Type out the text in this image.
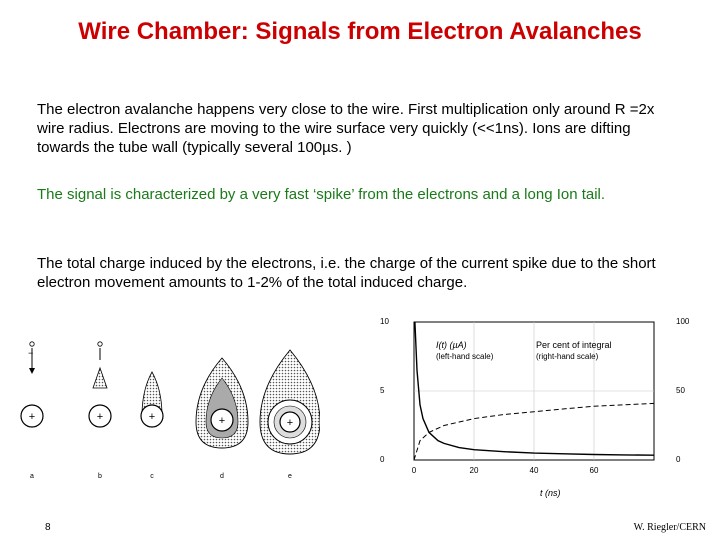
Wire Chamber: Signals from Electron Avalanches
The electron avalanche happens very close to the wire. First multiplication only around R =2x wire radius. Electrons are moving to the wire surface very quickly (<<1ns). Ions are difting towards the tube wall (typically several 100µs. )
The signal is characterized by a very fast ‘spike’ from the electrons and a long Ion tail.
The total charge induced by the electrons, i.e. the charge of the current spike due to the short electron movement amounts to 1-2% of the total induced charge.
−
+
a
+
b
+
c
+
d
+
e
10
5
0
100
50
0
0	20	40	60
t (ns)
I(t) (µA)
(left-hand scale)
Per cent of integral
(right-hand scale)
8	W. Riegler/CERN
